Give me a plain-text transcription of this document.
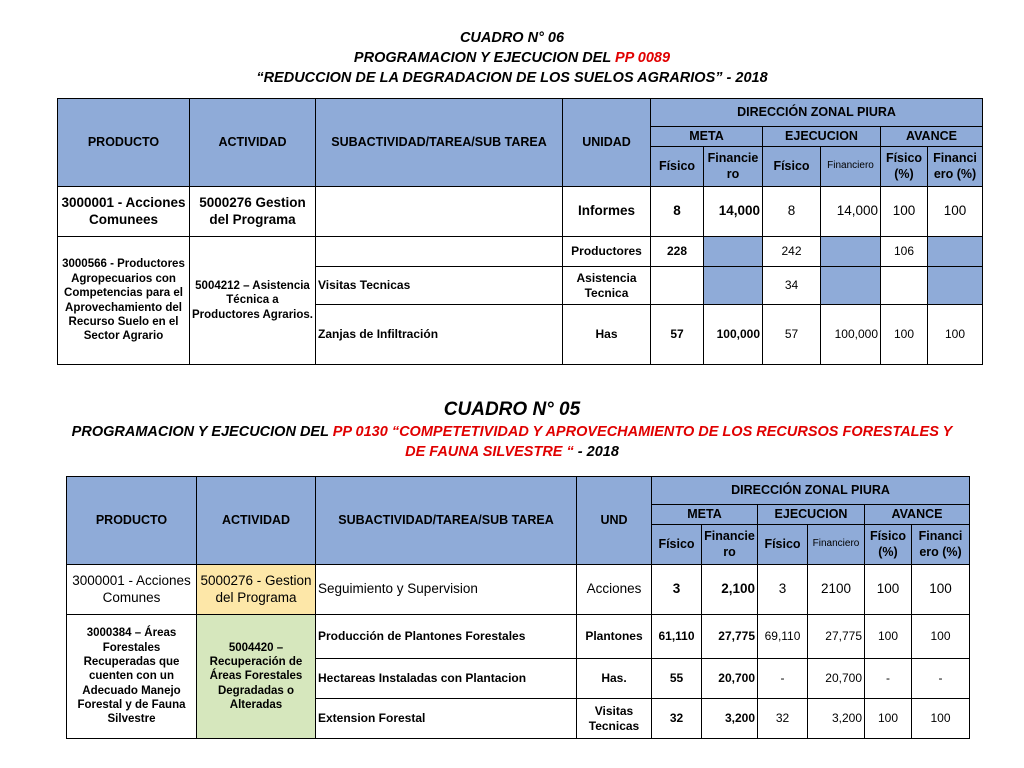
CUADRO N° 06
PROGRAMACION Y EJECUCION DEL PP 0089
“REDUCCION DE LA DEGRADACION DE LOS SUELOS AGRARIOS” - 2018
PRODUCTO	ACTIVIDAD	SUBACTIVIDAD/TAREA/SUB TAREA	UNIDAD	DIRECCIÓN ZONAL PIURA					
				META		EJECUCION		AVANCE	
				Físico	Financie ro	Físico	Financiero	Físico (%)	Financi ero (%)
3000001 - Acciones Comunees	5000276 Gestion del Programa		Informes	8	14,000	8	14,000	100	100
3000566 - Productores Agropecuarios con Competencias para el Aprovechamiento del Recurso Suelo en el Sector Agrario	5004212 – Asistencia Técnica a Productores Agrarios.		Productores	228		242		106	
		Visitas Tecnicas	Asistencia Tecnica			34			
		Zanjas de Infiltración	Has	57	100,000	57	100,000	100	100
CUADRO N° 05
PROGRAMACION Y EJECUCION DEL PP 0130 “COMPETETIVIDAD Y APROVECHAMIENTO DE LOS RECURSOS FORESTALES Y
DE FAUNA SILVESTRE “ - 2018
PRODUCTO	ACTIVIDAD	SUBACTIVIDAD/TAREA/SUB TAREA	UND	DIRECCIÓN ZONAL PIURA					
				META		EJECUCION		AVANCE	
				Físico	Financie ro	Físico	Financiero	Físico (%)	Financi ero (%)
3000001 - Acciones Comunes	5000276 - Gestion del Programa	Seguimiento y Supervision	Acciones	3	2,100	3	2100	100	100
3000384 – Áreas Forestales Recuperadas que cuenten con un Adecuado Manejo Forestal y de Fauna Silvestre	5004420 – Recuperación de Áreas Forestales Degradadas o Alteradas	Producción de Plantones Forestales	Plantones	61,110	27,775	69,110	27,775	100	100
		Hectareas Instaladas con Plantacion	Has.	55	20,700	-	20,700	-	-
		Extension Forestal	Visitas Tecnicas	32	3,200	32	3,200	100	100
